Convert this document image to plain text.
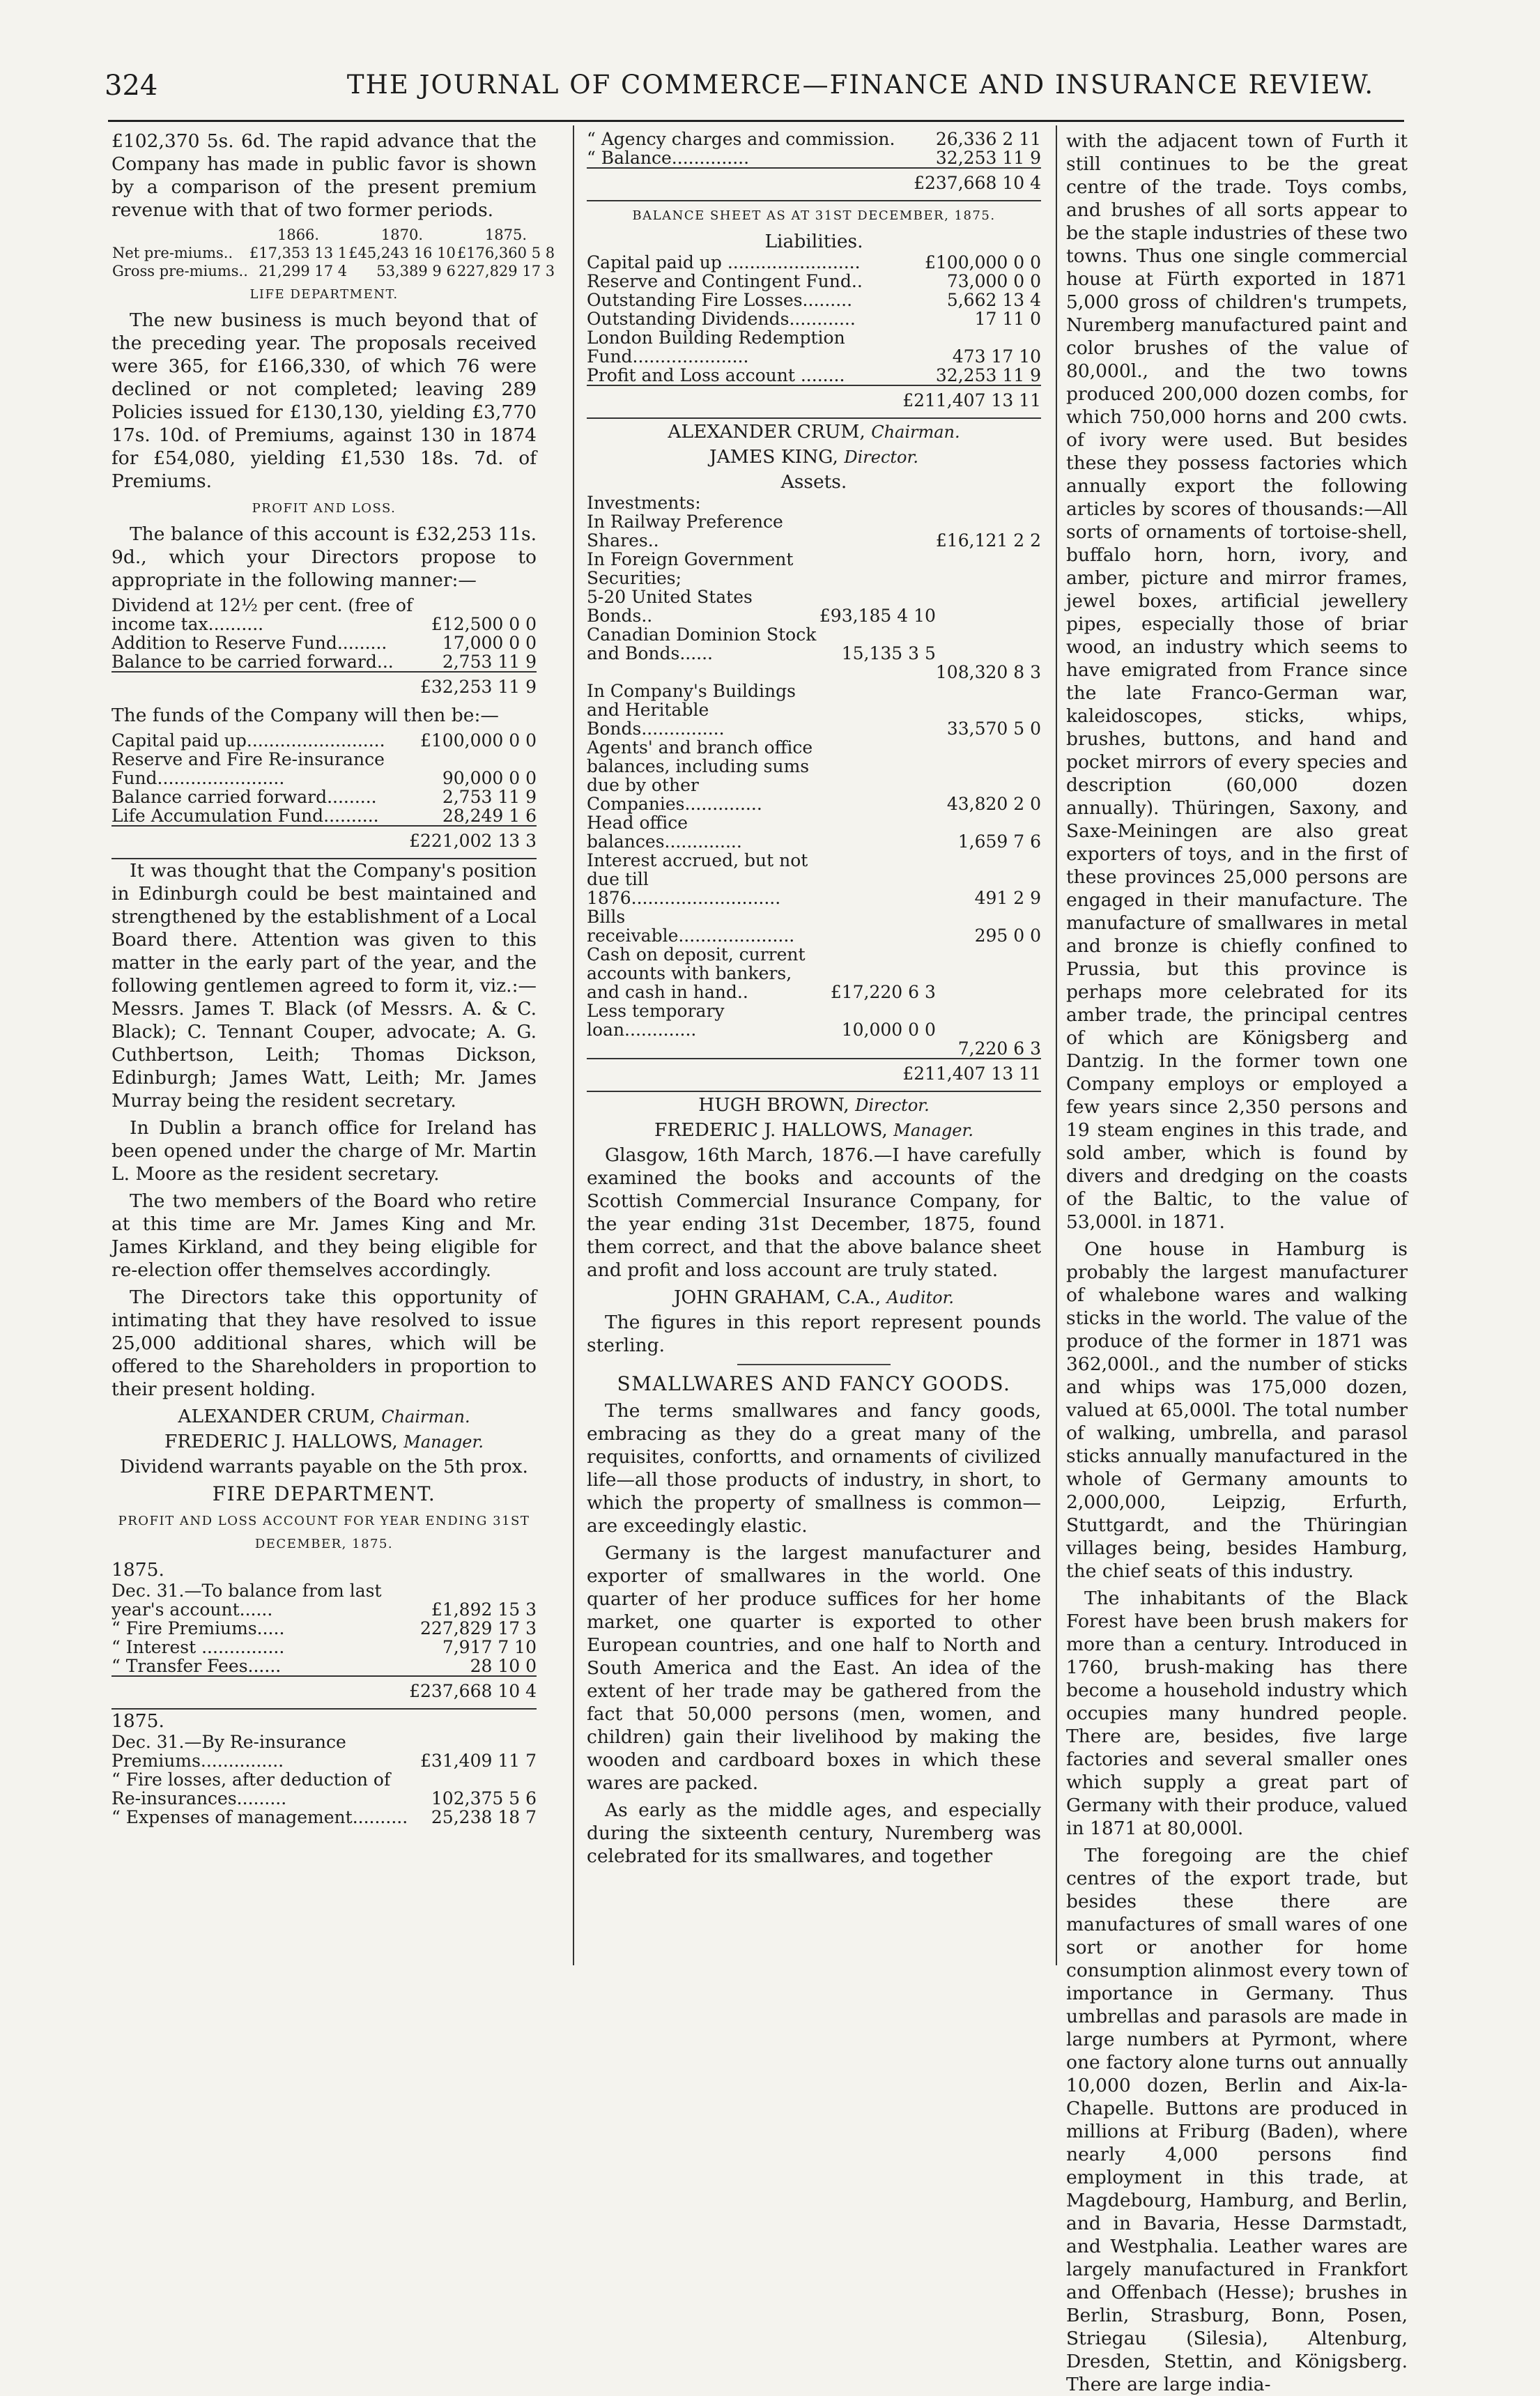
324	THE JOURNAL OF COMMERCE—FINANCE AND INSURANCE REVIEW.

£102,370 5s. 6d. The rapid advance that the Company has made in public favor is shown by a comparison of the present premium revenue with that of two former periods.

	1866.	1870.	1875.
Net pre-miums..	£17,353 13 1	£45,243 16 10	£176,360 5 8
Gross pre-miums..	21,299 17 4	53,389 9 6	227,829 17 3
LIFE DEPARTMENT.

The new business is much beyond that of the preceding year. The proposals received were 365, for £166,330, of which 76 were declined or not completed; leaving 289 Policies issued for £130,130, yielding £3,770 17s. 10d. of Premiums, against 130 in 1874 for £54,080, yielding £1,530 18s. 7d. of Premiums.

PROFIT AND LOSS.

The balance of this account is £32,253 11s. 9d., which your Directors propose to appropriate in the following manner:—

Dividend at 12½ per cent. (free of income tax..........	£12,500 0 0
Addition to Reserve Fund.........	17,000 0 0
Balance to be carried forward...	2,753 11 9
£32,253 11 9

The funds of the Company will then be:—

Capital paid up.........................	£100,000 0 0
Reserve and Fire Re-insurance Fund.......................	90,000 0 0
Balance carried forward.........	2,753 11 9
Life Accumulation Fund..........	28,249 1 6
£221,002 13 3

It was thought that the Company's position in Edinburgh could be best maintained and strengthened by the establishment of a Local Board there. Attention was given to this matter in the early part of the year, and the following gentlemen agreed to form it, viz.:—Messrs. James T. Black (of Messrs. A. & C. Black); C. Tennant Couper, advocate; A. G. Cuthbertson, Leith; Thomas Dickson, Edinburgh; James Watt, Leith; Mr. James Murray being the resident secretary.

In Dublin a branch office for Ireland has been opened under the charge of Mr. Martin L. Moore as the resident secretary.

The two members of the Board who retire at this time are Mr. James King and Mr. James Kirkland, and they being eligible for re-election offer themselves accordingly.

The Directors take this opportunity of intimating that they have resolved to issue 25,000 additional shares, which will be offered to the Shareholders in proportion to their present holding.

ALEXANDER CRUM, Chairman.
FREDERIC J. HALLOWS, Manager.
Dividend warrants payable on the 5th prox.
FIRE DEPARTMENT.
PROFIT AND LOSS ACCOUNT FOR YEAR ENDING 31ST DECEMBER, 1875.
1875.
Dec. 31.—To balance from last year's account......	£1,892 15 3
“ Fire Premiums.....	227,829 17 3
“ Interest ...............	7,917 7 10
“ Transfer Fees......	28 10 0
£237,668 10 4
1875.
Dec. 31.—By Re-insurance Premiums...............	£31,409 11 7
“ Fire losses, after deduction of Re-insurances.........	102,375 5 6
“ Expenses of management..........	25,238 18 7
“ Agency charges and commission.	26,336 2 11
“ Balance..............	32,253 11 9
£237,668 10 4
BALANCE SHEET AS AT 31ST DECEMBER, 1875.
Liabilities.
Capital paid up ........................	£100,000 0 0
Reserve and Contingent Fund..	73,000 0 0
Outstanding Fire Losses.........	5,662 13 4
Outstanding Dividends............	17 11 0
London Building Redemption Fund.....................	473 17 10
Profit and Loss account ........	32,253 11 9
£211,407 13 11
ALEXANDER CRUM, Chairman.
JAMES KING, Director.
Assets.
Investments:		
In Railway Preference Shares..		£16,121 2 2
In Foreign Government Securities;		
5-20 United States Bonds..	£93,185 4 10	
Canadian Dominion Stock and Bonds......	15,135 3 5	
		108,320 8 3
In Company's Buildings and Heritable Bonds...............		33,570 5 0
Agents' and branch office balances, including sums due by other Companies..............		43,820 2 0
Head office balances..............		1,659 7 6
Interest accrued, but not due till 1876...........................		491 2 9
Bills receivable.....................		295 0 0
Cash on deposit, current accounts with bankers, and cash in hand..	£17,220 6 3	
Less temporary loan.............	10,000 0 0	
		7,220 6 3
£211,407 13 11
HUGH BROWN, Director.
FREDERIC J. HALLOWS, Manager.

Glasgow, 16th March, 1876.—I have carefully examined the books and accounts of the Scottish Commercial Insurance Company, for the year ending 31st December, 1875, found them correct, and that the above balance sheet and profit and loss account are truly stated.

JOHN GRAHAM, C.A., Auditor.

The figures in this report represent pounds sterling.

SMALLWARES AND FANCY GOODS.

The terms smallwares and fancy goods, embracing as they do a great many of the requisites, confortts, and ornaments of civilized life—all those products of industry, in short, to which the property of smallness is common—are exceedingly elastic.

Germany is the largest manufacturer and exporter of smallwares in the world. One quarter of her produce suffices for her home market, one quarter is exported to other European countries, and one half to North and South America and the East. An idea of the extent of her trade may be gathered from the fact that 50,000 persons (men, women, and children) gain their livelihood by making the wooden and cardboard boxes in which these wares are packed.

As early as the middle ages, and especially during the sixteenth century, Nuremberg was celebrated for its smallwares, and together

with the adjacent town of Furth it still continues to be the great centre of the trade. Toys combs, and brushes of all sorts appear to be the staple industries of these two towns. Thus one single commercial house at Fürth exported in 1871 5,000 gross of children's trumpets, Nuremberg manufactured paint and color brushes of the value of 80,000l., and the two towns produced 200,000 dozen combs, for which 750,000 horns and 200 cwts. of ivory were used. But besides these they possess factories which annually export the following articles by scores of thousands:—All sorts of ornaments of tortoise-shell, buffalo horn, horn, ivory, and amber, picture and mirror frames, jewel boxes, artificial jewellery pipes, especially those of briar wood, an industry which seems to have emigrated from France since the late Franco-German war, kaleidoscopes, sticks, whips, brushes, buttons, and hand and pocket mirrors of every species and description (60,000 dozen annually). Thüringen, Saxony, and Saxe-Meiningen are also great exporters of toys, and in the first of these provinces 25,000 persons are engaged in their manufacture. The manufacture of smallwares in metal and bronze is chiefly confined to Prussia, but this province is perhaps more celebrated for its amber trade, the principal centres of which are Königsberg and Dantzig. In the former town one Company employs or employed a few years since 2,350 persons and 19 steam engines in this trade, and sold amber, which is found by divers and dredging on the coasts of the Baltic, to the value of 53,000l. in 1871.

One house in Hamburg is probably the largest manufacturer of whalebone wares and walking sticks in the world. The value of the produce of the former in 1871 was 362,000l., and the number of sticks and whips was 175,000 dozen, valued at 65,000l. The total number of walking, umbrella, and parasol sticks annually manufactured in the whole of Germany amounts to 2,000,000, Leipzig, Erfurth, Stuttgardt, and the Thüringian villages being, besides Hamburg, the chief seats of this industry.

The inhabitants of the Black Forest have been brush makers for more than a century. Introduced in 1760, brush-making has there become a household industry which occupies many hundred people. There are, besides, five large factories and several smaller ones which supply a great part of Germany with their produce, valued in 1871 at 80,000l.

The foregoing are the chief centres of the export trade, but besides these there are manufactures of small wares of one sort or another for home consumption alinmost every town of importance in Germany. Thus umbrellas and parasols are made in large numbers at Pyrmont, where one factory alone turns out annually 10,000 dozen, Berlin and Aix-la-Chapelle. Buttons are produced in millions at Friburg (Baden), where nearly 4,000 persons find employment in this trade, at Magdebourg, Hamburg, and Berlin, and in Bavaria, Hesse Darmstadt, and Westphalia. Leather wares are largely manufactured in Frankfort and Offenbach (Hesse); brushes in Berlin, Strasburg, Bonn, Posen, Striegau (Silesia), Altenburg, Dresden, Stettin, and Königsberg. There are large india-
